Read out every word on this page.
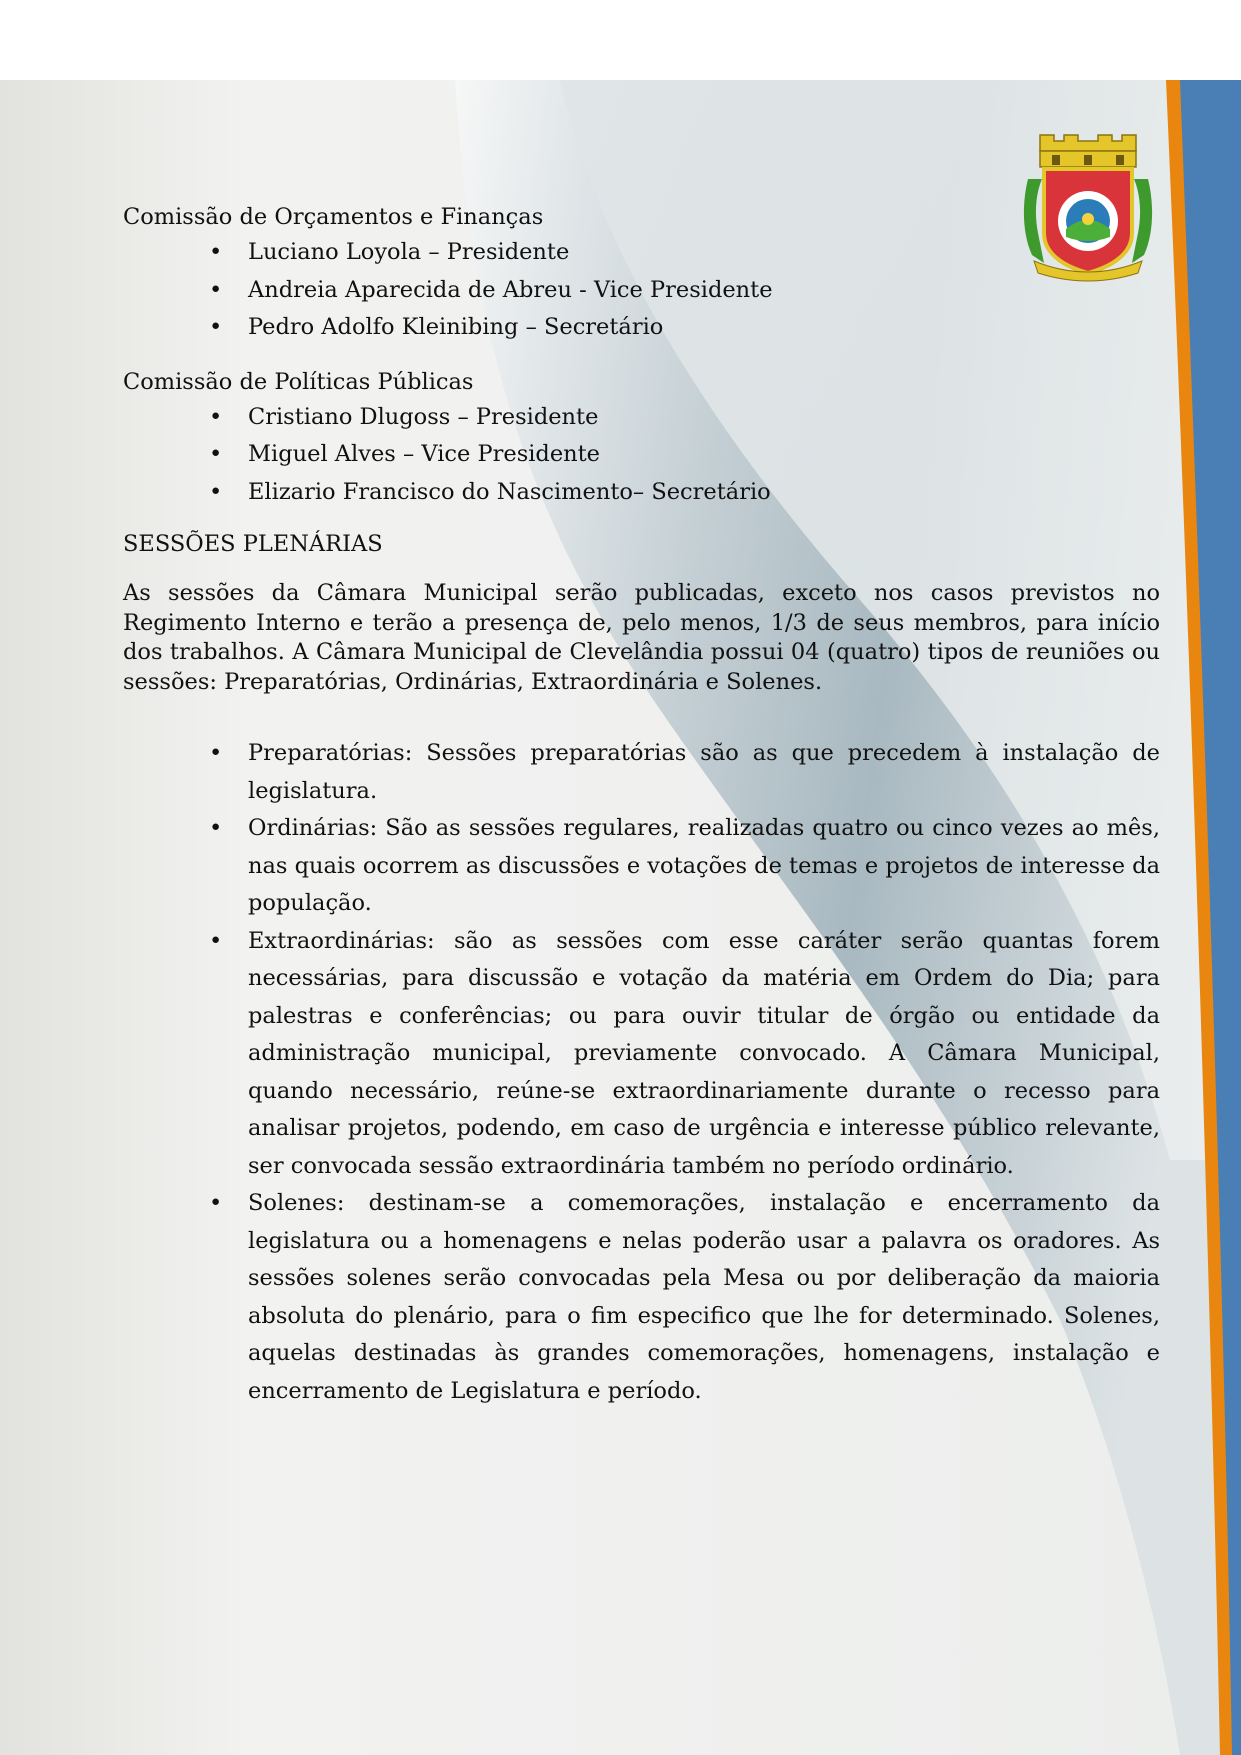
Comissão de Orçamentos e Finanças
• Luciano Loyola – Presidente
• Andreia Aparecida de Abreu - Vice Presidente
• Pedro Adolfo Kleinibing – Secretário
Comissão de Políticas Públicas
• Cristiano Dlugoss – Presidente
• Miguel Alves – Vice Presidente
• Elizario Francisco do Nascimento– Secretário
SESSÕES PLENÁRIAS

As sessões da Câmara Municipal serão publicadas, exceto nos casos previstos no Regimento Interno e terão a presença de, pelo menos, 1/3 de seus membros, para início dos trabalhos. A Câmara Municipal de Clevelândia possui 04 (quatro) tipos de reuniões ou sessões: Preparatórias, Ordinárias, Extraordinária e Solenes.

• Preparatórias: Sessões preparatórias são as que precedem à instalação de legislatura.
• Ordinárias: São as sessões regulares, realizadas quatro ou cinco vezes ao mês, nas quais ocorrem as discussões e votações de temas e projetos de interesse da população.
• Extraordinárias: são as sessões com esse caráter serão quantas forem necessárias, para discussão e votação da matéria em Ordem do Dia; para palestras e conferências; ou para ouvir titular de órgão ou entidade da administração municipal, previamente convocado. A Câmara Municipal, quando necessário, reúne-se extraordinariamente durante o recesso para analisar projetos, podendo, em caso de urgência e interesse público relevante, ser convocada sessão extraordinária também no período ordinário.
• Solenes: destinam-se a comemorações, instalação e encerramento da legislatura ou a homenagens e nelas poderão usar a palavra os oradores. As sessões solenes serão convocadas pela Mesa ou por deliberação da maioria absoluta do plenário, para o fim especifico que lhe for determinado. Solenes, aquelas destinadas às grandes comemorações, homenagens, instalação e encerramento de Legislatura e período.
